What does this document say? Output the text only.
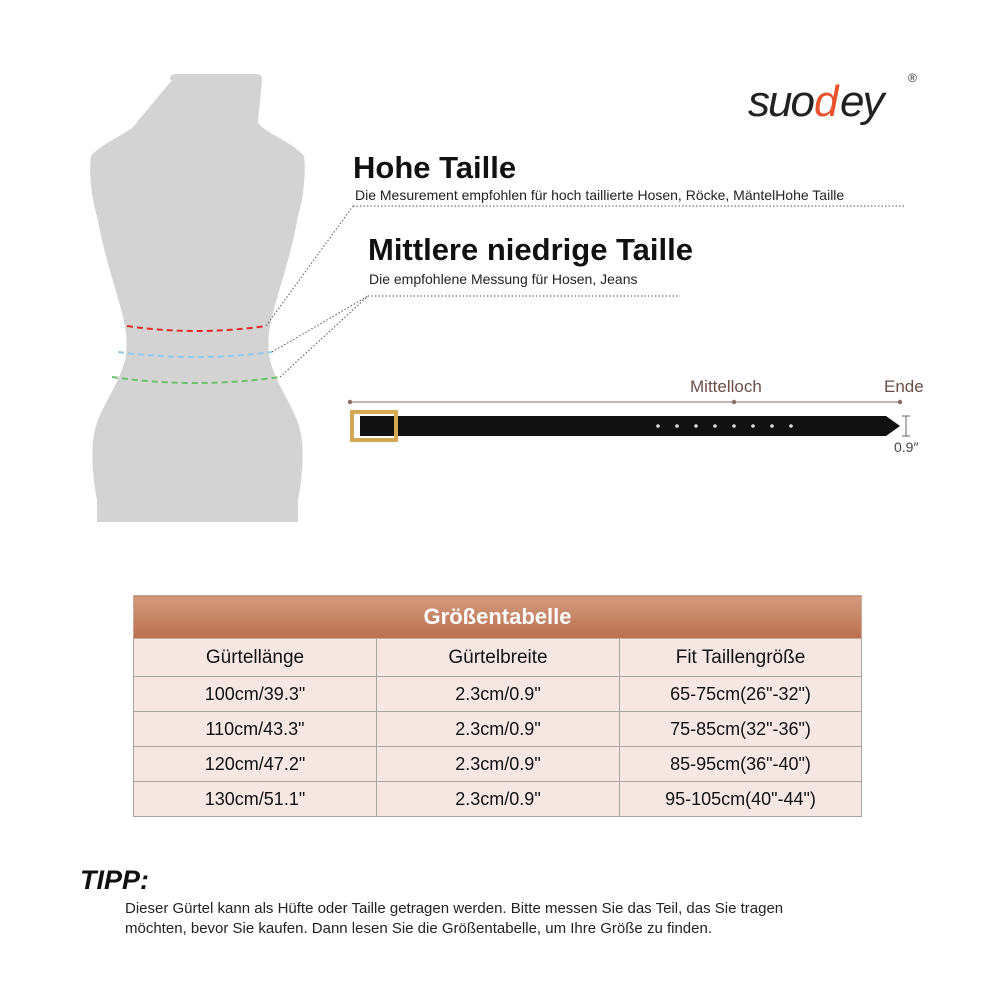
suo d ey	®
Hohe Taille
Die Mesurement empfohlen für hoch taillierte Hosen, Röcke, MäntelHohe Taille
Mittlere niedrige Taille
Die empfohlene Messung für Hosen, Jeans
Mittelloch	Ende
0.9″
Größentabelle		
Gürtellänge	Gürtelbreite	Fit Taillengröße
100cm/39.3"	2.3cm/0.9"	65-75cm(26"-32")
110cm/43.3"	2.3cm/0.9"	75-85cm(32"-36")
120cm/47.2"	2.3cm/0.9"	85-95cm(36"-40")
130cm/51.1"	2.3cm/0.9"	95-105cm(40"-44")
TIPP:
Dieser Gürtel kann als Hüfte oder Taille getragen werden. Bitte messen Sie das Teil, das Sie tragen
möchten, bevor Sie kaufen. Dann lesen Sie die Größentabelle, um Ihre Größe zu finden.
